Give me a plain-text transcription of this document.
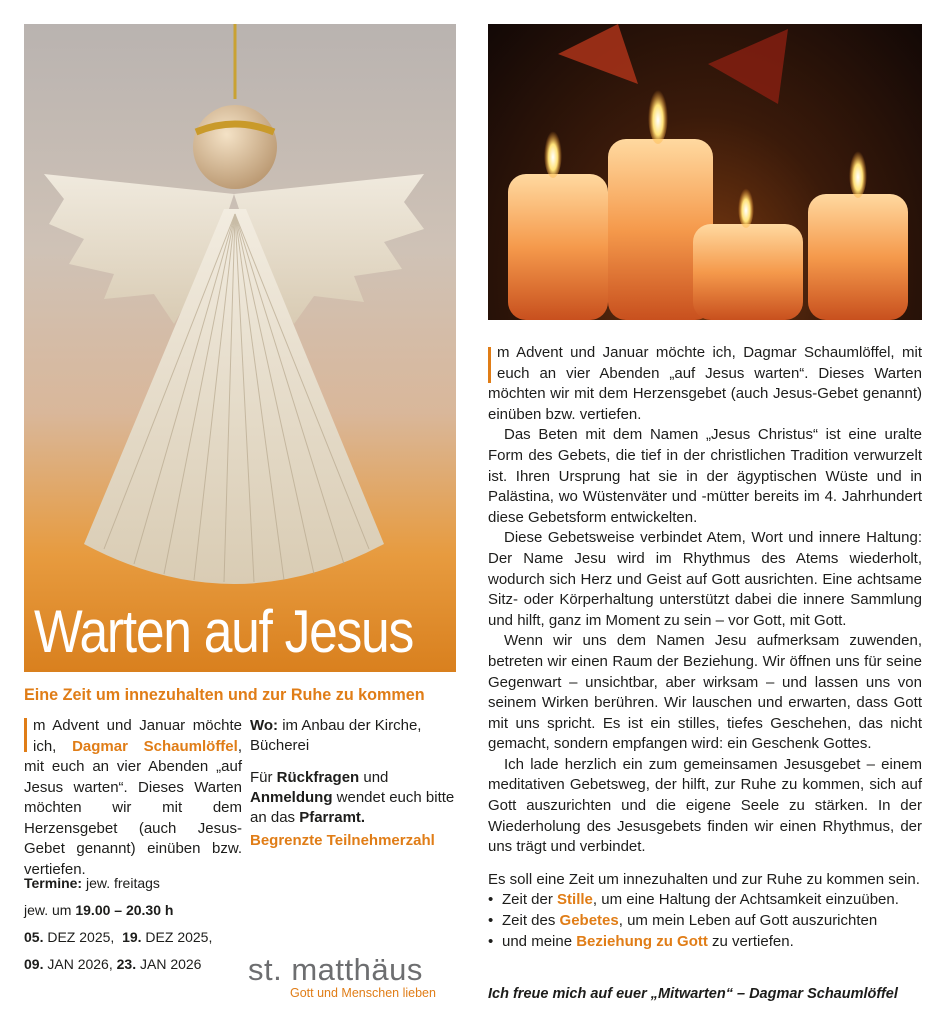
Warten auf Jesus
Eine Zeit um innezuhalten und zur Ruhe zu kommen
m Advent und Januar möchte ich, Dagmar Schaumlöffel, mit euch an vier Abenden „auf Jesus warten“. Dieses Warten möchten wir mit dem Herzensgebet (auch Jesus-Gebet genannt) einüben bzw. vertiefen.
Wo: im Anbau der Kirche, Bücherei
Für Rückfragen und Anmeldung wendet euch bitte an das Pfarramt.
Begrenzte Teilnehmerzahl
Termine: jew. freitags
jew. um 19.00 – 20.30 h
05. DEZ 2025, 19. DEZ 2025,
09. JAN 2026, 23. JAN 2026	st. matthäus
Gott und Menschen lieben

m Advent und Januar möchte ich, Dagmar Schaumlöffel, mit euch an vier Abenden „auf Jesus warten“. Dieses Warten möchten wir mit dem Herzensgebet (auch Jesus-Gebet genannt) einüben bzw. vertiefen.

Das Beten mit dem Namen „Jesus Christus“ ist eine uralte Form des Gebets, die tief in der christlichen Tradition verwurzelt ist. Ihren Ursprung hat sie in der ägyptischen Wüste und in Palästina, wo Wüstenväter und -mütter bereits im 4. Jahrhundert diese Gebetsform entwickelten.

Diese Gebetsweise verbindet Atem, Wort und innere Haltung: Der Name Jesu wird im Rhythmus des Atems wiederholt, wodurch sich Herz und Geist auf Gott ausrichten. Eine achtsame Sitz- oder Körperhaltung unterstützt dabei die innere Sammlung und hilft, ganz im Moment zu sein – vor Gott, mit Gott.

Wenn wir uns dem Namen Jesu aufmerksam zuwenden, betreten wir einen Raum der Beziehung. Wir öffnen uns für seine Gegenwart – unsichtbar, aber wirksam – und lassen uns von seinem Wirken berühren. Wir lauschen und erwarten, dass Gott mit uns spricht. Es ist ein stilles, tiefes Geschehen, das nicht gemacht, sondern empfangen wird: ein Geschenk Gottes.

Ich lade herzlich ein zum gemeinsamen Jesusgebet – einem meditativen Gebetsweg, der hilft, zur Ruhe zu kommen, sich auf Gott auszurichten und die eigene Seele zu stärken. In der Wiederholung des Jesusgebets finden wir einen Rhythmus, der uns trägt und verbindet.

Es soll eine Zeit um innezuhalten und zur Ruhe zu kommen sein.

• Zeit der Stille, um eine Haltung der Achtsamkeit einzuüben.
• Zeit des Gebetes, um mein Leben auf Gott auszurichten
• und meine Beziehung zu Gott zu vertiefen.
Ich freue mich auf euer „Mitwarten“ – Dagmar Schaumlöffel
